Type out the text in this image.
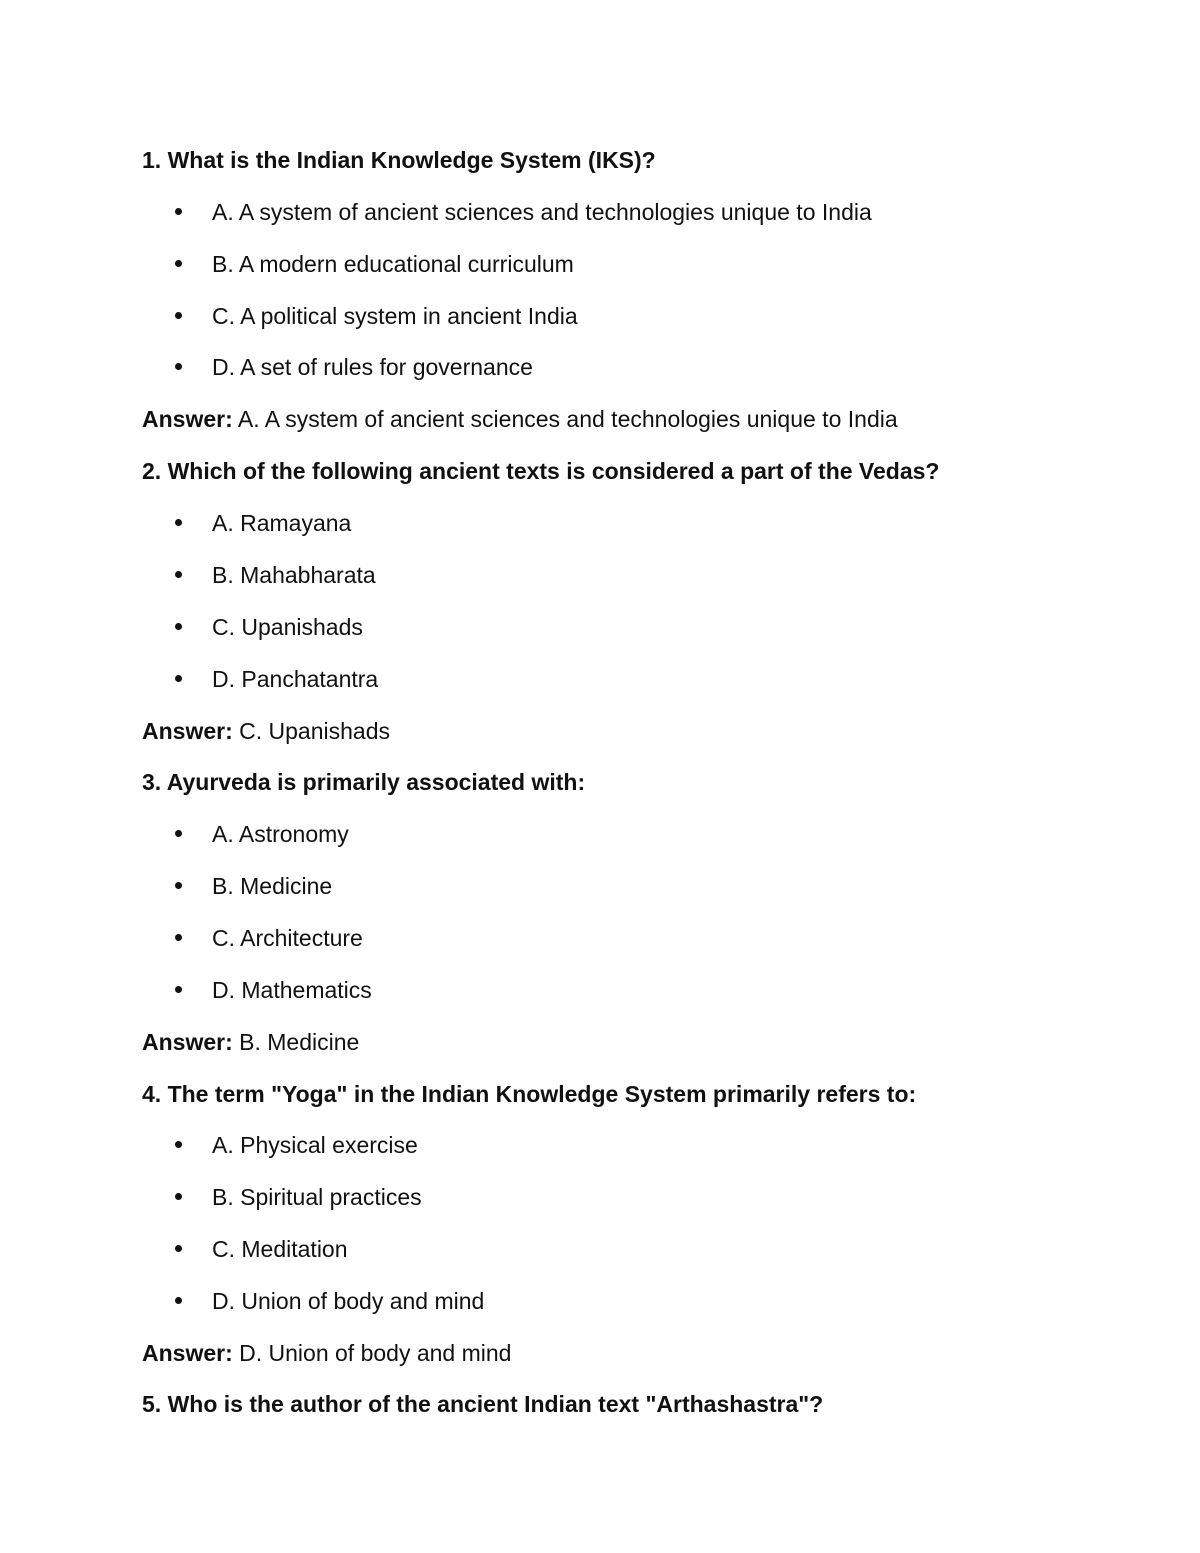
1. What is the Indian Knowledge System (IKS)?
A. A system of ancient sciences and technologies unique to India
B. A modern educational curriculum
C. A political system in ancient India
D. A set of rules for governance
Answer: A. A system of ancient sciences and technologies unique to India
2. Which of the following ancient texts is considered a part of the Vedas?
A. Ramayana
B. Mahabharata
C. Upanishads
D. Panchatantra
Answer: C. Upanishads
3. Ayurveda is primarily associated with:
A. Astronomy
B. Medicine
C. Architecture
D. Mathematics
Answer: B. Medicine
4. The term "Yoga" in the Indian Knowledge System primarily refers to:
A. Physical exercise
B. Spiritual practices
C. Meditation
D. Union of body and mind
Answer: D. Union of body and mind
5. Who is the author of the ancient Indian text "Arthashastra"?
